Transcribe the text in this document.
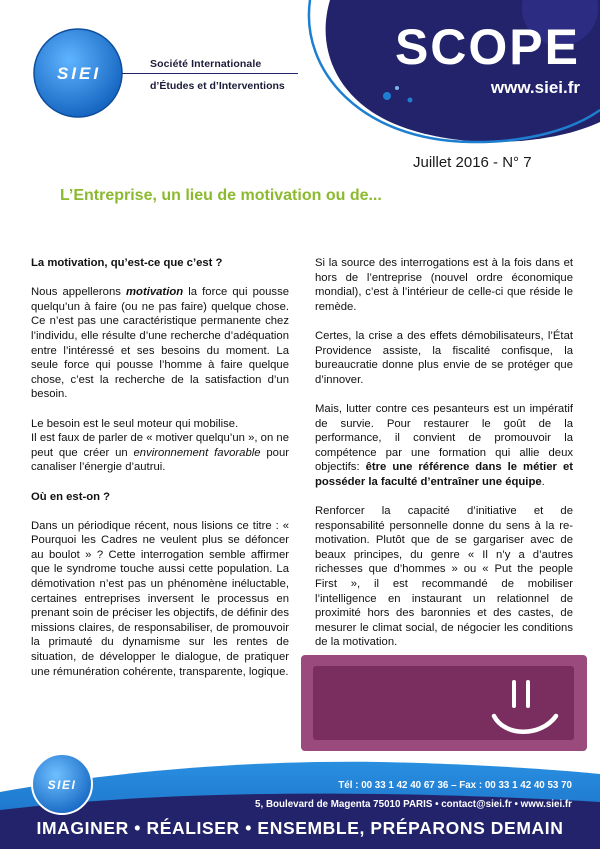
SIEI	Société Internationale
d’Études et d’Interventions
SCOPE
www.siei.fr
Juillet 2016 - N° 7
L’Entreprise, un lieu de motivation ou de...
La motivation, qu’est-ce que c’est ?

Nous appellerons motivation la force qui pousse quelqu’un à faire (ou ne pas faire) quelque chose. Ce n’est pas une caractéristique permanente chez l’individu, elle résulte d’une recherche d’adéquation entre l’intéressé et ses besoins du moment. La seule force qui pousse l’homme à faire quelque chose, c’est la recherche de la satisfaction d’un besoin.

Le besoin est le seul moteur qui mobilise.

Il est faux de parler de « motiver quelqu’un », on ne peut que créer un environnement favorable pour canaliser l’énergie d’autrui.

Où en est-on ?

Dans un périodique récent, nous lisions ce titre : « Pourquoi les Cadres ne veulent plus se défoncer au boulot » ? Cette interrogation semble affirmer que le syndrome touche aussi cette population. La démotivation n’est pas un phénomène inéluctable, certaines entreprises inversent le processus en prenant soin de préciser les objectifs, de définir des missions claires, de responsabiliser, de promouvoir la primauté du dynamisme sur les rentes de situation, de développer le dialogue, de pratiquer une rémunération cohérente, transparente, logique.

Si la source des interrogations est à la fois dans et hors de l’entreprise (nouvel ordre économique mondial), c’est à l’intérieur de celle-ci que réside le remède.

Certes, la crise a des effets démobilisateurs, l’État Providence assiste, la fiscalité confisque, la bureaucratie donne plus envie de se protéger que d’innover.

Mais, lutter contre ces pesanteurs est un impératif de survie. Pour restaurer le goût de la performance, il convient de promouvoir la compétence par une formation qui allie deux objectifs: être une référence dans le métier et posséder la faculté d’entraîner une équipe.

Renforcer la capacité d’initiative et de responsabilité personnelle donne du sens à la re-motivation. Plutôt que de se gargariser avec de beaux principes, du genre « Il n’y a d’autres richesses que d’hommes » ou « Put the people First », il est recommandé de mobiliser l’intelligence en instaurant un relationnel de proximité hors des baronnies et des castes, de mesurer le climat social, de négocier les conditions de la motivation.

Motivation
SIEI	Tél : 00 33 1 42 40 67 36 – Fax : 00 33 1 42 40 53 70
5, Boulevard de Magenta 75010 PARIS • contact@siei.fr • www.siei.fr
IMAGINER • RÉALISER • ENSEMBLE, PRÉPARONS DEMAIN
